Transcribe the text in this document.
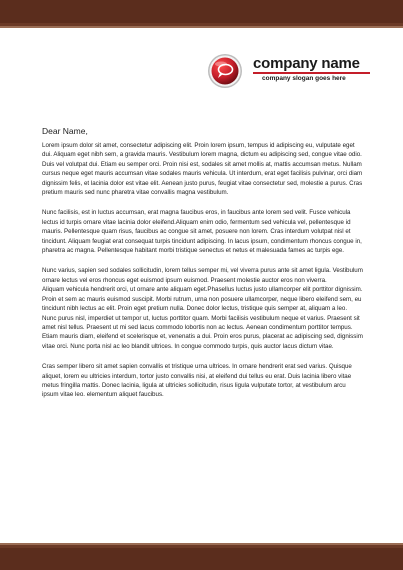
company name
company slogan goes here

Dear Name,

Lorem ipsum dolor sit amet, consectetur adipiscing elit. Proin lorem ipsum, tempus id adipiscing eu, vulputate eget dui. Aliquam eget nibh sem, a gravida mauris. Vestibulum lorem magna, dictum eu adipiscing sed, congue vitae odio. Duis vel volutpat dui. Etiam eu semper orci. Proin nisi est, sodales sit amet mollis at, mattis accumsan metus. Nullam cursus neque eget mauris accumsan vitae sodales mauris vehicula. Ut interdum, erat eget facilisis pulvinar, orci diam dignissim felis, et lacinia dolor est vitae elit. Aenean justo purus, feugiat vitae consectetur sed, molestie a purus. Cras pretium mauris sed nunc pharetra vitae convallis magna vestibulum.

Nunc facilisis, est in luctus accumsan, erat magna faucibus eros, in faucibus ante lorem sed velit. Fusce vehicula lectus id turpis ornare vitae lacinia dolor eleifend.Aliquam enim odio, fermentum sed vehicula vel, pellentesque id mauris. Pellentesque quam risus, faucibus ac congue sit amet, posuere non lorem. Cras interdum volutpat nisl et tincidunt. Aliquam feugiat erat consequat turpis tincidunt adipiscing. In lacus ipsum, condimentum rhoncus congue in, pharetra ac magna. Pellentesque habitant morbi tristique senectus et netus et malesuada fames ac turpis ege.

Nunc varius, sapien sed sodales sollicitudin, lorem tellus semper mi, vel viverra purus ante sit amet ligula. Vestibulum ornare lectus vel eros rhoncus eget euismod ipsum euismod. Praesent molestie auctor eros non viverra.

Aliquam vehicula hendrerit orci, ut ornare ante aliquam eget.Phasellus luctus justo ullamcorper elit porttitor dignissim. Proin et sem ac mauris euismod suscipit. Morbi rutrum, urna non posuere ullamcorper, neque libero eleifend sem, eu tincidunt nibh lectus ac elit. Proin eget pretium nulla. Donec dolor lectus, tristique quis semper at, aliquam a leo. Nunc purus nisl, imperdiet ut tempor ut, luctus porttitor quam. Morbi facilisis vestibulum neque et varius. Praesent sit amet nisl tellus. Praesent ut mi sed lacus commodo lobortis non ac lectus. Aenean condimentum porttitor tempus. Etiam mauris diam, eleifend et scelerisque et, venenatis a dui. Proin eros purus, placerat ac adipiscing sed, dignissim vitae orci. Nunc porta nisl ac leo blandit ultrices. In congue commodo turpis, quis auctor lacus dictum vitae.

Cras semper libero sit amet sapien convallis et tristique urna ultrices. In ornare hendrerit erat sed varius. Quisque aliquet, lorem eu ultricies interdum, tortor justo convallis nisi, at eleifend dui tellus eu erat. Duis lacinia libero vitae metus fringilla mattis. Donec lacinia, ligula at ultricies sollicitudin, risus ligula vulputate tortor, at vestibulum arcu ipsum vitae leo. elementum aliquet faucibus.
